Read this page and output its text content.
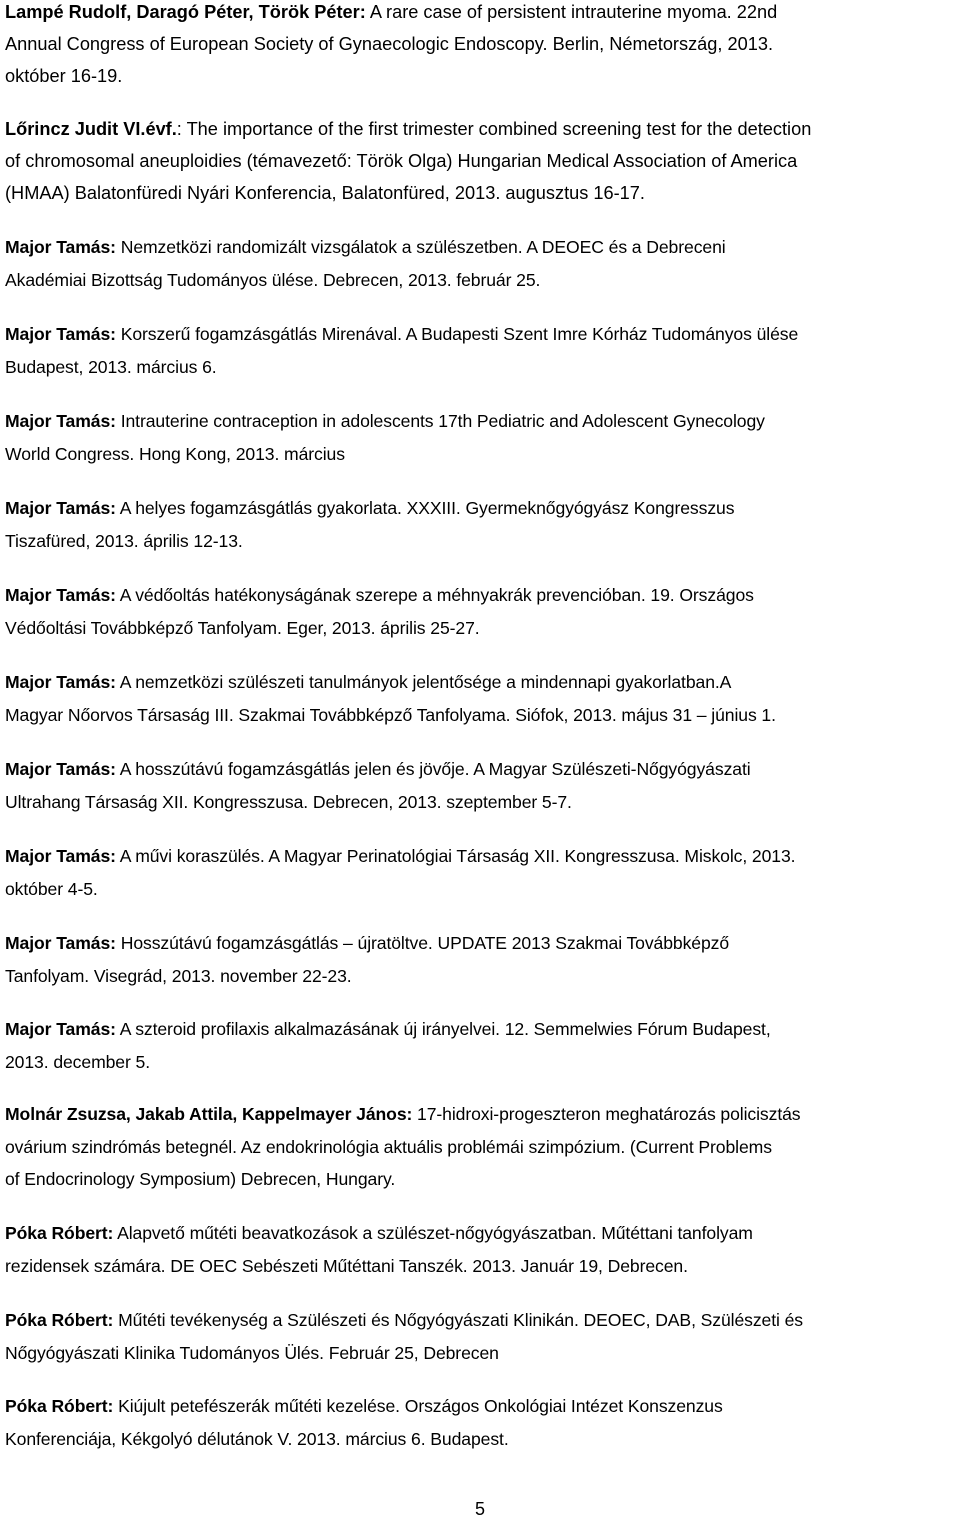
Lampé Rudolf, Daragó Péter, Török Péter: A rare case of persistent intrauterine myoma. 22nd
Annual Congress of European Society of Gynaecologic Endoscopy. Berlin, Németország, 2013.
október 16-19.

Lőrincz Judit VI.évf.: The importance of the first trimester combined screening test for the detection
of chromosomal aneuploidies (témavezető: Török Olga) Hungarian Medical Association of America
(HMAA) Balatonfüredi Nyári Konferencia, Balatonfüred, 2013. augusztus 16-17.

Major Tamás: Nemzetközi randomizált vizsgálatok a szülészetben. A DEOEC és a Debreceni
Akadémiai Bizottság Tudományos ülése. Debrecen, 2013. február 25.

Major Tamás: Korszerű fogamzásgátlás Mirenával. A Budapesti Szent Imre Kórház Tudományos ülése
Budapest, 2013. március 6.

Major Tamás: Intrauterine contraception in adolescents 17th Pediatric and Adolescent Gynecology
World Congress. Hong Kong, 2013. március

Major Tamás: A helyes fogamzásgátlás gyakorlata. XXXIII. Gyermeknőgyógyász Kongresszus
Tiszafüred, 2013. április 12-13.

Major Tamás: A védőoltás hatékonyságának szerepe a méhnyakrák prevencióban. 19. Országos
Védőoltási Továbbképző Tanfolyam. Eger, 2013. április 25-27.

Major Tamás: A nemzetközi szülészeti tanulmányok jelentősége a mindennapi gyakorlatban.A
Magyar Nőorvos Társaság III. Szakmai Továbbképző Tanfolyama. Siófok, 2013. május 31 – június 1.

Major Tamás: A hosszútávú fogamzásgátlás jelen és jövője. A Magyar Szülészeti-Nőgyógyászati
Ultrahang Társaság XII. Kongresszusa. Debrecen, 2013. szeptember 5-7.

Major Tamás: A művi koraszülés. A Magyar Perinatológiai Társaság XII. Kongresszusa. Miskolc, 2013.
október 4-5.

Major Tamás: Hosszútávú fogamzásgátlás – újratöltve. UPDATE 2013 Szakmai Továbbképző
Tanfolyam. Visegrád, 2013. november 22-23.

Major Tamás: A szteroid profilaxis alkalmazásának új irányelvei. 12. Semmelwies Fórum Budapest,
2013. december 5.

Molnár Zsuzsa, Jakab Attila, Kappelmayer János: 17-hidroxi-progeszteron meghatározás policisztás
ovárium szindrómás betegnél. Az endokrinológia aktuális problémái szimpózium. (Current Problems
of Endocrinology Symposium) Debrecen, Hungary.

Póka Róbert: Alapvető műtéti beavatkozások a szülészet-nőgyógyászatban. Műtéttani tanfolyam
rezidensek számára. DE OEC Sebészeti Műtéttani Tanszék. 2013. Január 19, Debrecen.

Póka Róbert: Műtéti tevékenység a Szülészeti és Nőgyógyászati Klinikán. DEOEC, DAB, Szülészeti és
Nőgyógyászati Klinika Tudományos Ülés. Február 25, Debrecen

Póka Róbert: Kiújult petefészerák műtéti kezelése. Országos Onkológiai Intézet Konszenzus
Konferenciája, Kékgolyó délutánok V. 2013. március 6. Budapest.

5
